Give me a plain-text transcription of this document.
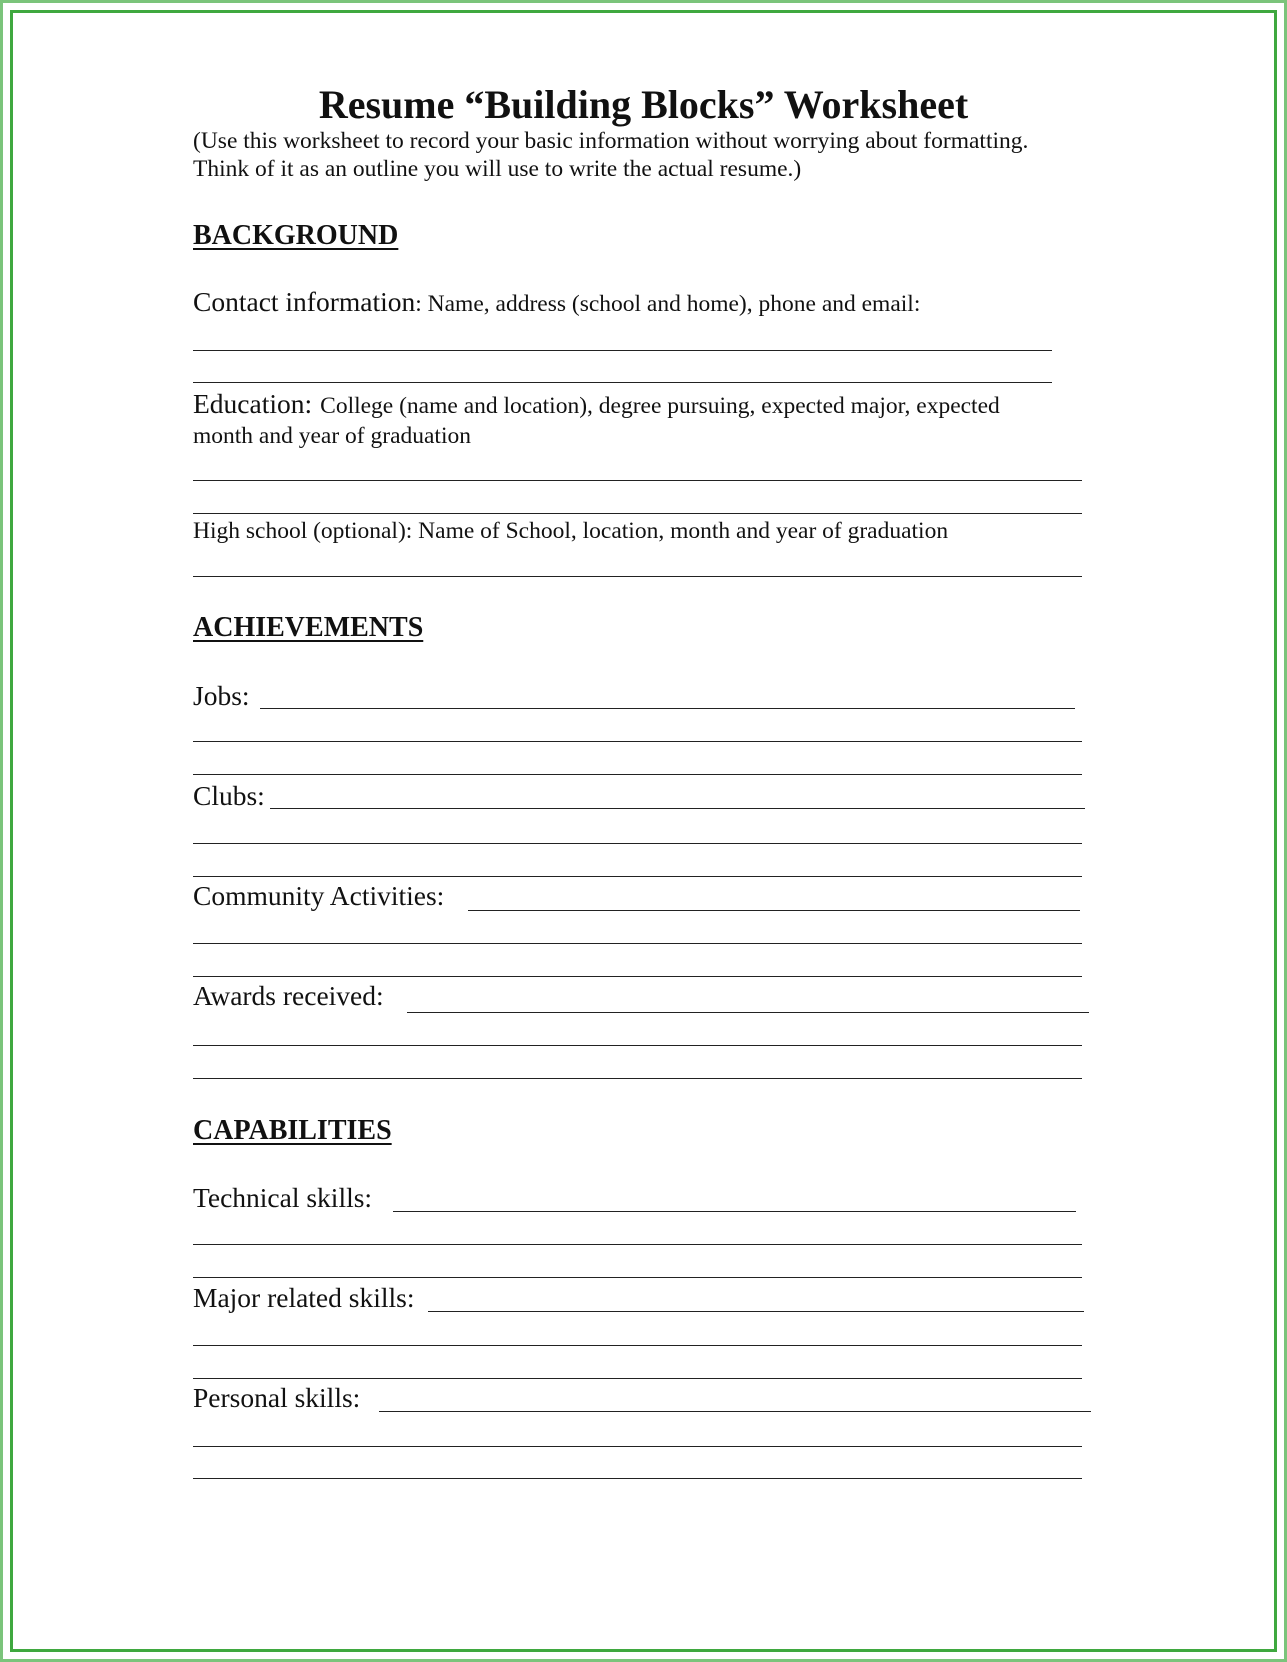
Resume “Building Blocks” Worksheet
(Use this worksheet to record your basic information without worrying about formatting.
Think of it as an outline you will use to write the actual resume.)
BACKGROUND
Contact information: Name, address (school and home), phone and email:
Education: College (name and location), degree pursuing, expected major, expected
month and year of graduation
High school (optional): Name of School, location, month and year of graduation
ACHIEVEMENTS
Jobs:
Clubs:
Community Activities:
Awards received:
CAPABILITIES
Technical skills:
Major related skills:
Personal skills:
